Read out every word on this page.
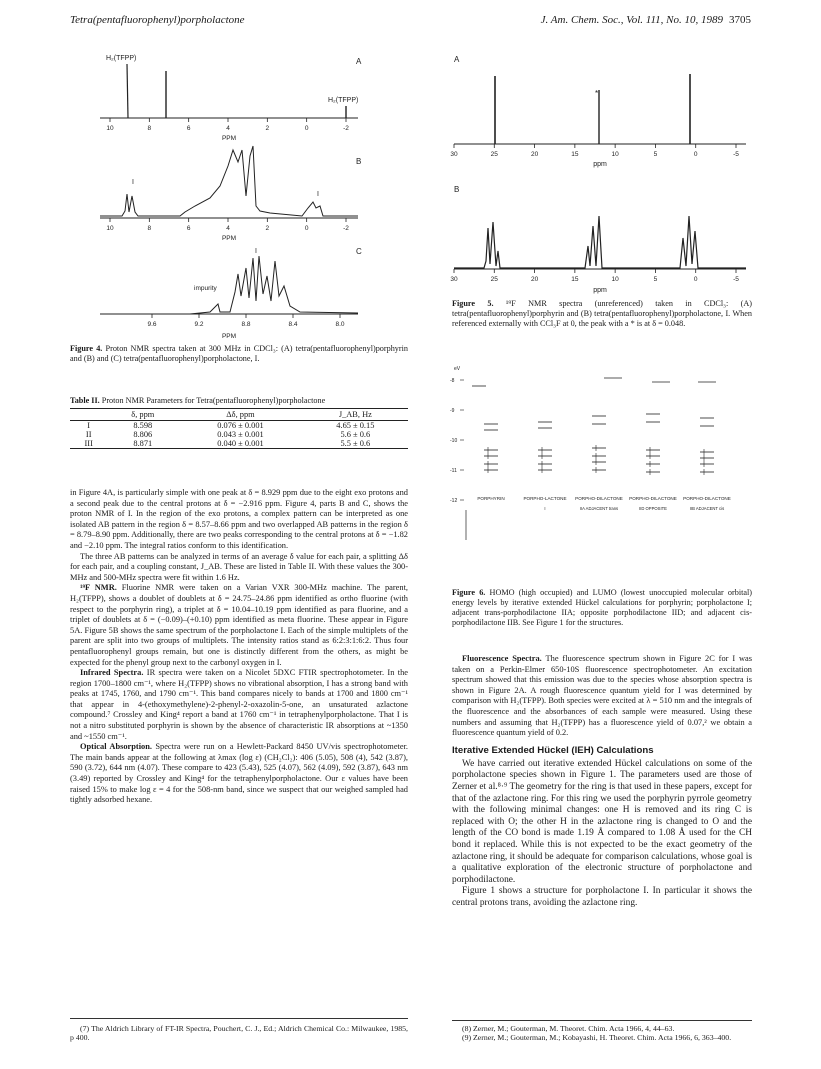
Tetra(pentafluorophenyl)porpholactone	J. Am. Chem. Soc., Vol. 111, No. 10, 1989 3705
H₂(TFPP)	A
H₂(TFPP)
10	8	6	4	2	0	-2
PPM
B
I
I
10	8	6	4	2	0	-2
PPM
C
I
impurity
9.6	9.2	8.8	8.4	8.0
PPM
Figure 4. Proton NMR spectra taken at 300 MHz in CDCl₃: (A) tetra(pentafluorophenyl)porphyrin and (B) and (C) tetra(pentafluorophenyl)porpholactone, I.
Table II. Proton NMR Parameters for Tetra(pentafluorophenyl)porpholactone
	δ, ppm	Δδ, ppm	J_AB, Hz
I	8.598	0.076 ± 0.001	4.65 ± 0.15
II	8.806	0.043 ± 0.001	5.6 ± 0.6
III	8.871	0.040 ± 0.001	5.5 ± 0.6

in Figure 4A, is particularly simple with one peak at δ = 8.929 ppm due to the eight exo protons and a second peak due to the central protons at δ = −2.916 ppm. Figure 4, parts B and C, shows the proton NMR of I. In the region of the exo protons, a complex pattern can be interpreted as one isolated AB pattern in the region δ = 8.57–8.66 ppm and two overlapped AB patterns in the region δ = 8.79–8.90 ppm. Additionally, there are two peaks corresponding to the central protons at δ = −1.82 and −2.10 ppm. The integral ratios conform to this identification.

The three AB patterns can be analyzed in terms of an average δ value for each pair, a splitting Δδ for each pair, and a coupling constant, J_AB. These are listed in Table II. With these values the 300-MHz and 500-MHz spectra were fit within 1.6 Hz.

¹⁹F NMR. Fluorine NMR were taken on a Varian VXR 300-MHz machine. The parent, H₂(TFPP), shows a doublet of doublets at δ = 24.75–24.86 ppm identified as ortho fluorine (with respect to the porphyrin ring), a triplet at δ = 10.04–10.19 ppm identified as para fluorine, and a triplet of doublets at δ = (−0.09)–(+0.10) ppm identified as meta fluorine. These appear in Figure 5A. Figure 5B shows the same spectrum of the porpholactone I. Each of the simple multiplets of the parent are split into two groups of multiplets. The intensity ratios stand as 6:2:3:1:6:2. Thus four pentafluorophenyl groups remain, but one is distinctly different from the others, as might be expected for the phenyl group next to the carbonyl oxygen in I.

Infrared Spectra. IR spectra were taken on a Nicolet 5DXC FTIR spectrophotometer. In the region 1700–1800 cm⁻¹, where H₂(TFPP) shows no vibrational absorption, I has a strong band with peaks at 1745, 1760, and 1790 cm⁻¹. This band compares nicely to bands at 1700 and 1800 cm⁻¹ that appear in 4-(ethoxymethylene)-2-phenyl-2-oxazolin-5-one, an unsaturated azlactone compound.⁷ Crossley and King⁴ report a band at 1760 cm⁻¹ in tetraphenylporpholactone. That I is not a nitro substituted porphyrin is shown by the absence of characteristic IR absorptions at ~1350 and ~1550 cm⁻¹.

Optical Absorption. Spectra were run on a Hewlett-Packard 8450 UV/vis spectrophotometer. The main bands appear at the following at λmax (log ε) (CH₂Cl₂): 406 (5.05), 508 (4), 542 (3.87), 590 (3.72), 644 nm (4.07). These compare to 423 (5.43), 525 (4.07), 562 (4.09), 592 (3.87), 643 nm (3.49) reported by Crossley and King⁴ for the tetraphenylporpholactone. Our ε values have been raised 15% to make log ε = 4 for the 508-nm band, since we suspect that our weighed sampled had tightly adsorbed hexane.

(7) The Aldrich Library of FT-IR Spectra, Pouchert, C. J., Ed.; Aldrich Chemical Co.: Milwaukee, 1985, p 400.
A
*
30	25	20	15	10	5	0	-5
ppm
B
30	25	20	15	10	5	0	-5
ppm
Figure 5. ¹⁹F NMR spectra (unreferenced) taken in CDCl₃: (A) tetra(pentafluorophenyl)porphyrin and (B) tetra(pentafluorophenyl)porpholactone, I. When referenced externally with CCl₃F at 0, the peak with a * is at δ = 0.048.
eV
-8
-9
-10
-11
-12	PORPHYRIN	PORPHO-LACTONE
I
PORPHO-DILACTONE
IIA ADJACENT trans
PORPHO-DILACTONE
IID OPPOSITE
PORPHO-DILACTONE
IIB ADJACENT cis
Figure 6. HOMO (high occupied) and LUMO (lowest unoccupied molecular orbital) energy levels by iterative extended Hückel calculations for porphyrin; porpholactone I; adjacent trans-porphodilactone IIA; opposite porphodilactone IID; and adjacent cis-porphodilactone IIB. See Figure 1 for the structures.

Fluorescence Spectra. The fluorescence spectrum shown in Figure 2C for I was taken on a Perkin-Elmer 650-10S fluorescence spectrophotometer. An excitation spectrum showed that this emission was due to the species whose absorption spectra is shown in Figure 2A. A rough fluorescence quantum yield for I was determined by comparison with H₂(TFPP). Both species were excited at λ = 510 nm and the integrals of the fluorescence and the absorbances of each sample were measured. Using these numbers and assuming that H₂(TFPP) has a fluorescence yield of 0.07,² we obtain a fluorescence quantum yield of 0.2.

Iterative Extended Hückel (IEH) Calculations

We have carried out iterative extended Hückel calculations on some of the porpholactone species shown in Figure 1. The parameters used are those of Zerner et al.⁸·⁹ The geometry for the ring is that used in these papers, except for that of the azlactone ring. For this ring we used the porphyrin pyrrole geometry with the following minimal changes: one H is removed and its ring C is replaced with O; the other H in the azlactone ring is changed to O and the length of the CO bond is made 1.19 Å compared to 1.08 Å used for the CH bond it replaced. While this is not expected to be the exact geometry of the azlactone ring, it should be adequate for comparison calculations, whose goal is a qualitative exploration of the electronic structure of porpholactone and porphodilactone.

Figure 1 shows a structure for porpholactone I. In particular it shows the central protons trans, avoiding the azlactone ring.

(8) Zerner, M.; Gouterman, M. Theoret. Chim. Acta 1966, 4, 44–63.
(9) Zerner, M.; Gouterman, M.; Kobayashi, H. Theoret. Chim. Acta 1966, 6, 363–400.
